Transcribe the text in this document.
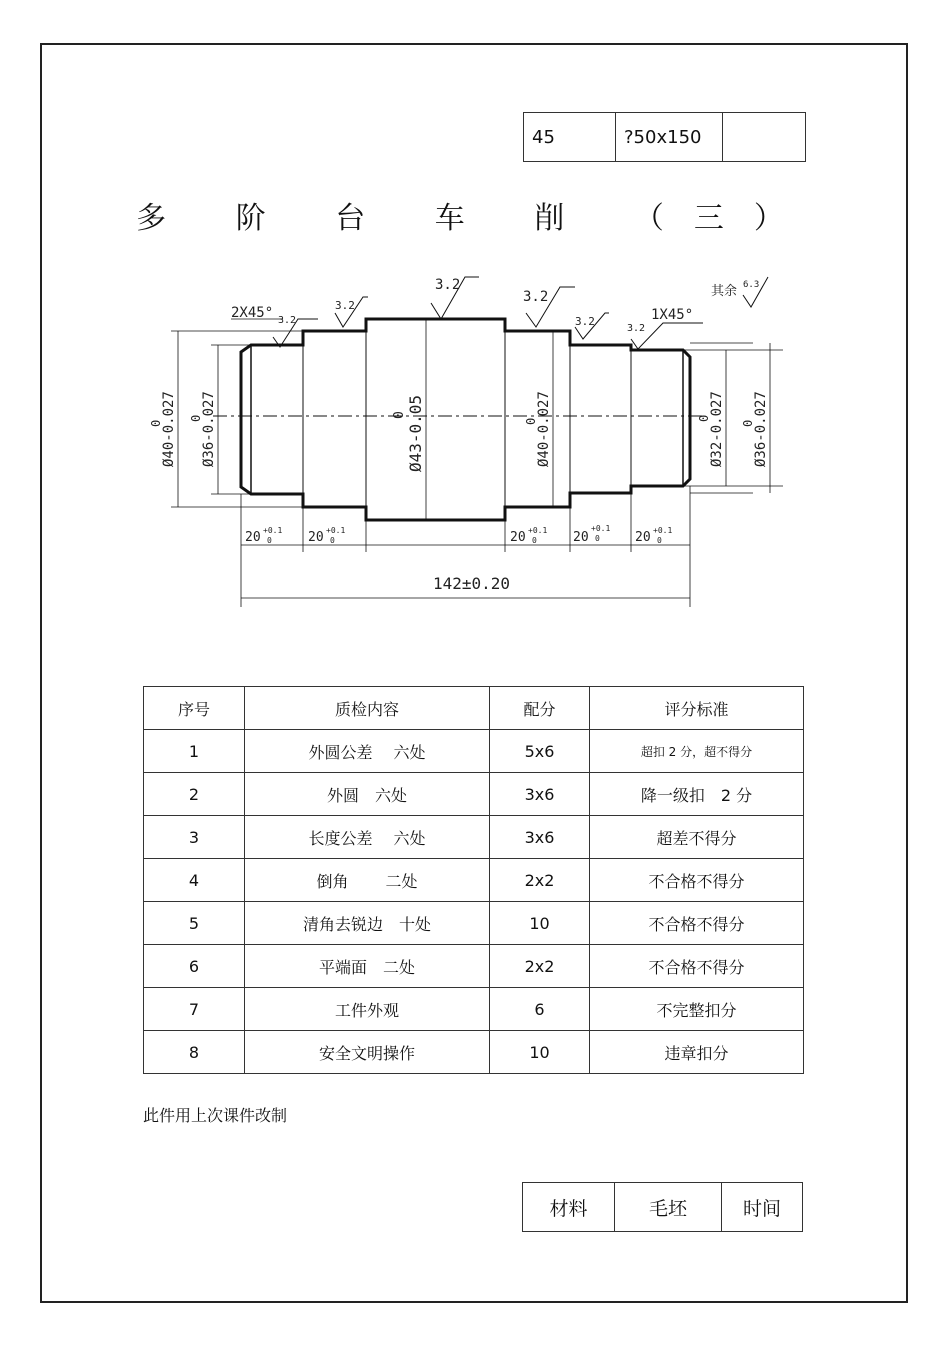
45	?50x150	
多 阶 台 车 削 （三）
2X45°	1X45°
3.2
3.2
3.2
3.2
3.2
3.2
其余 6.3
Ø40-0.027
0	Ø36-0.027
0	Ø43-0.05
0	Ø40-0.027
0	Ø32-0.027
0	Ø36-0.027
0
20 +0.1
0	20 +0.1
0	20 +0.1
0	20
+0.1
0	20 +0.1
0
142±0.20
序号	质检内容	配分	评分标准
1	外圆公差　 六处	5x6	超扣 2 分，超不得分
2	外圆　六处	3x6	降一级扣　2 分
3	长度公差　 六处	3x6	超差不得分
4	倒角　　 二处	2x2	不合格不得分
5	清角去锐边　十处	10	不合格不得分
6	平端面　二处	2x2	不合格不得分
7	工件外观	6	不完整扣分
8	安全文明操作	10	违章扣分
此件用上次课件改制
材料	毛坯	时间
